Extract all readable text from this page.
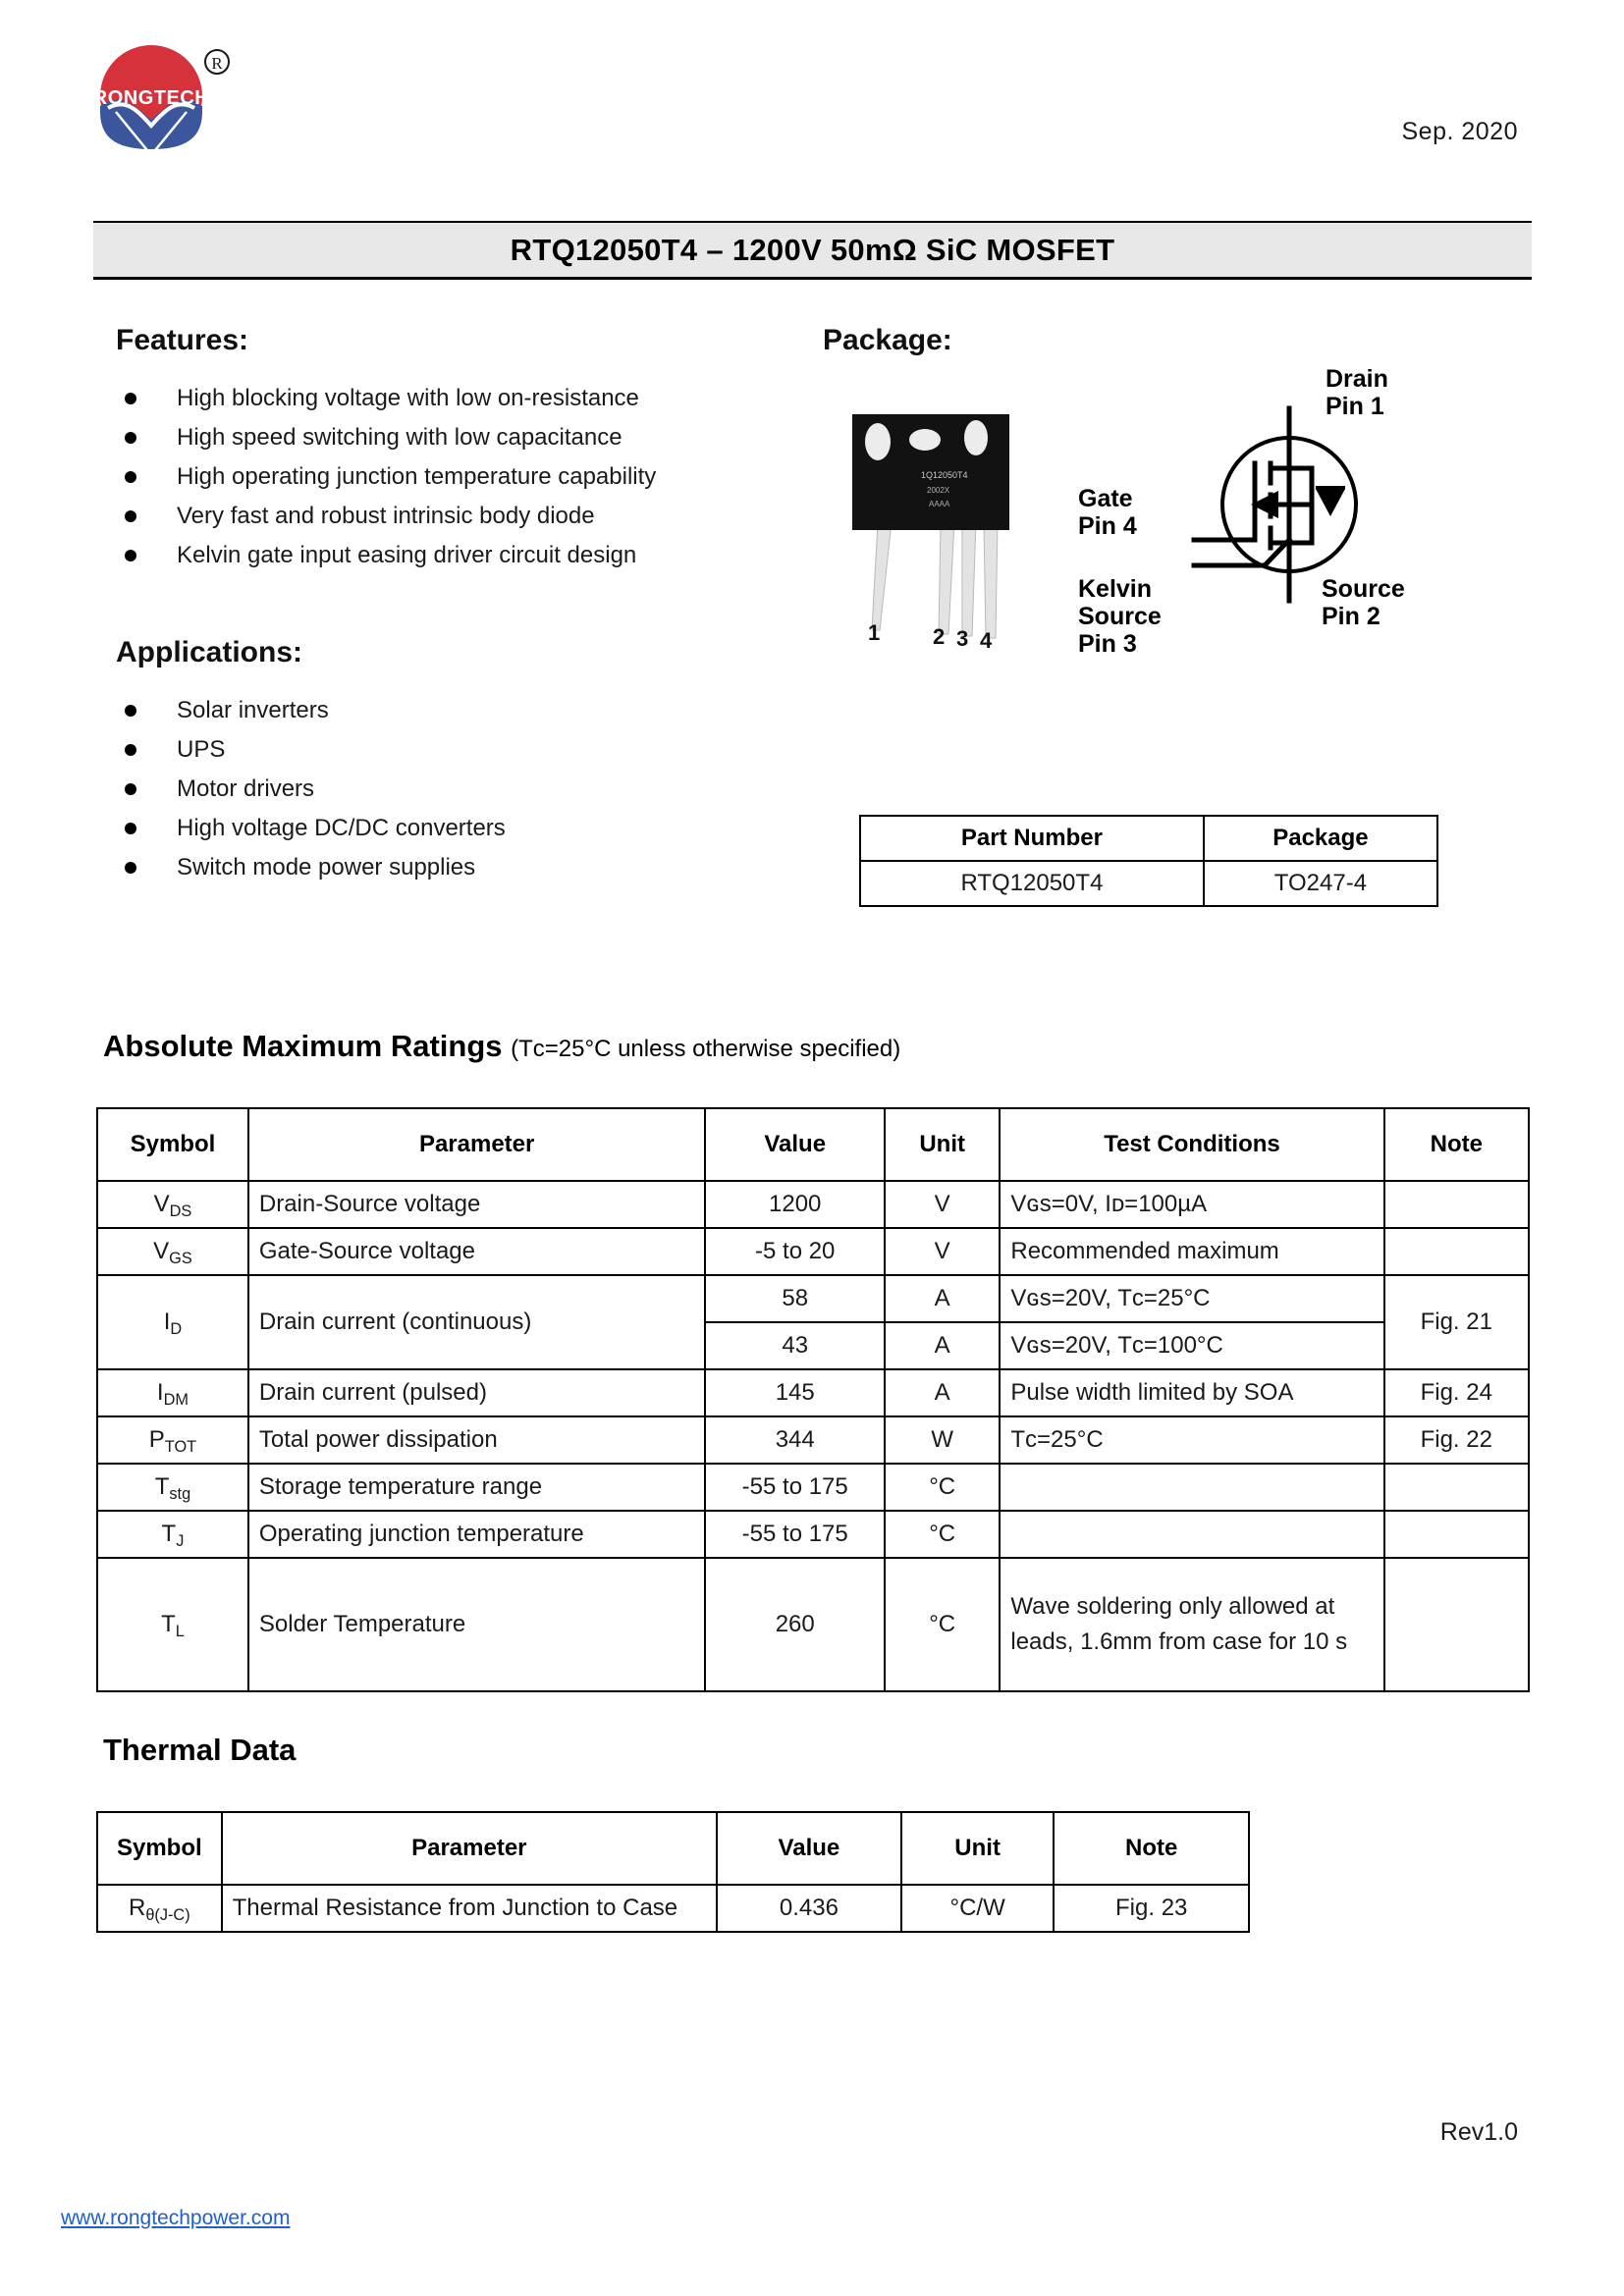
RONGTECH
R
Sep. 2020
RTQ12050T4 – 1200V 50mΩ SiC MOSFET
Features:
High blocking voltage with low on-resistance
High speed switching with low capacitance
High operating junction temperature capability
Very fast and robust intrinsic body diode
Kelvin gate input easing driver circuit design
Applications:
Solar inverters
UPS
Motor drivers
High voltage DC/DC converters
Switch mode power supplies
Package:
1Q12050T4
2002X
AAAA
1 2 3 4
Drain
Pin 1
Gate
Pin 4
Kelvin
Source
Pin 3
Source
Pin 2
Part Number	Package
RTQ12050T4	TO247-4
Absolute Maximum Ratings (Tᴄ=25°C unless otherwise specified)
Symbol	Parameter	Value	Unit	Test Conditions	Note
$V_{DS}$	Drain-Source voltage	1200	V	Vɢs=0V, Iᴅ=100µA	
$V_{GS}$	Gate-Source voltage	-5 to 20	V	Recommended maximum	
$I_D$	Drain current (continuous)	58	A	Vɢs=20V, Tᴄ=25°C	Fig. 21
		43	A	Vɢs=20V, Tᴄ=100°C	
$I_{DM}$	Drain current (pulsed)	145	A	Pulse width limited by SOA	Fig. 24
$P_{TOT}$	Total power dissipation	344	W	Tᴄ=25°C	Fig. 22
$T_{stg}$	Storage temperature range	-55 to 175	°C		
$T_J$	Operating junction temperature	-55 to 175	°C		
$T_L$	Solder Temperature	260	°C	Wave soldering only allowed at leads, 1.6mm from case for 10 s	
Thermal Data
Symbol	Parameter	Value	Unit	Note
$R_{\theta(J-C)}$	Thermal Resistance from Junction to Case	0.436	°C/W	Fig. 23
Rev1.0
www.rongtechpower.com
